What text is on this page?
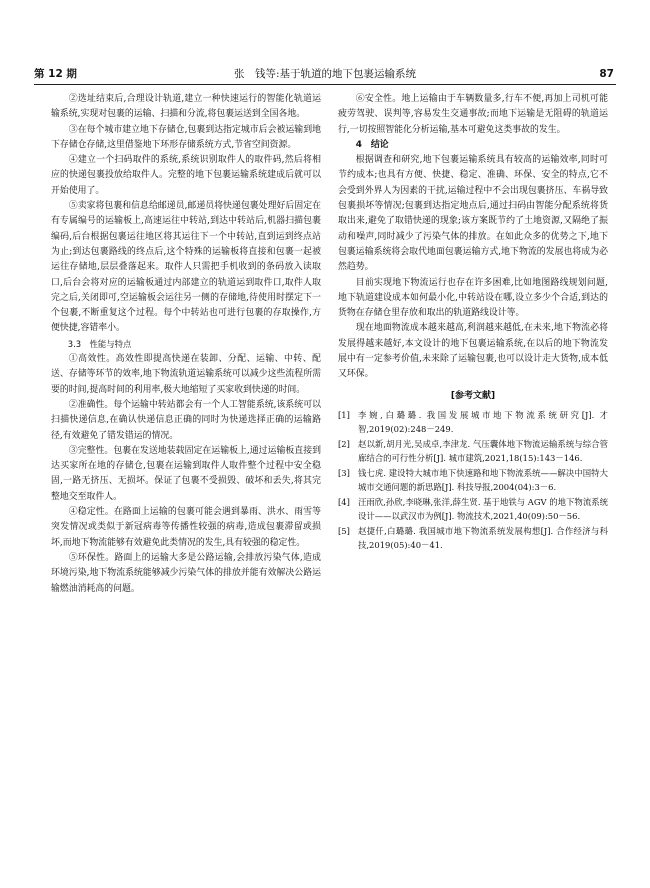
第 12 期	张　钱等:基于轨道的地下包裹运输系统	87

②选址结束后,合理设计轨道,建立一种快速运行的智能化轨道运输系统,实现对包裹的运输、扫描和分流,将包裹运送到全国各地。

③在每个城市建立地下存储仓,包裹到达指定城市后会被运输到地下存储仓存储,这里借鉴地下环形存储系统方式,节省空间资源。

④建立一个扫码取件的系统,系统识别取件人的取件码,然后将相应的快递包裹投放给取件人。完整的地下包裹运输系统建成后就可以开始使用了。

⑤卖家将包裹和信息给邮递员,邮递员将快递包裹处理好后固定在有专属编号的运输板上,高速运往中转站,到达中转站后,机器扫描包裹编码,后台根据包裹运往地区将其运往下一个中转站,直到运到终点站为止;到达包裹路线的终点后,这个特殊的运输板将直接和包裹一起被运往存储地,层层叠落起来。取件人只需把手机收到的条码放入读取口,后台会将对应的运输板通过内部建立的轨道运到取件口,取件人取完之后,关闭即可,空运输板会运往另一侧的存储地,待使用时摆定下一个包裹,不断重复这个过程。每个中转站也可进行包裹的存取操作,方便快捷,容错率小。

3.3　性能与特点

①高效性。高效性即提高快递在装卸、分配、运输、中转、配送、存储等环节的效率,地下物流轨道运输系统可以减少这些流程所需要的时间,提高时间的利用率,极大地缩短了买家收到快递的时间。

②准确性。每个运输中转站都会有一个人工智能系统,该系统可以扫描快递信息,在确认快递信息正确的同时为快递选择正确的运输路径,有效避免了错发错运的情况。

③完整性。包裹在发送地装载固定在运输板上,通过运输板直接到达买家所在地的存储仓,包裹在运输到取件人取件整个过程中安全稳固,一路无挤压、无损坏。保证了包裹不受损毁、破坏和丢失,将其完整地交至取件人。

④稳定性。在路面上运输的包裹可能会遇到暴雨、洪水、雨雪等突发情况或类似于新冠病毒等传播性较强的病毒,造成包裹滞留或损坏,而地下物流能够有效避免此类情况的发生,具有较强的稳定性。

⑤环保性。路面上的运输大多是公路运输,会排放污染气体,造成环境污染,地下物流系统能够减少污染气体的排放并能有效解决公路运输燃油消耗高的问题。

⑥安全性。地上运输由于车辆数量多,行车不便,再加上司机可能疲劳驾驶、误判等,容易发生交通事故;而地下运输是无阻碍的轨道运行,一切按照智能化分析运输,基本可避免这类事故的发生。

4　结论

根据调查和研究,地下包裹运输系统具有较高的运输效率,同时可节约成本;也具有方便、快捷、稳定、准确、环保、安全的特点,它不会受到外界人为因素的干扰,运输过程中不会出现包裹挤压、车祸导致包裹损坏等情况;包裹到达指定地点后,通过扫码由智能分配系统将货取出来,避免了取错快递的现象;该方案既节约了土地资源,又隔绝了振动和噪声,同时减少了污染气体的排放。在如此众多的优势之下,地下包裹运输系统将会取代地面包裹运输方式,地下物流的发展也将成为必然趋势。

目前实现地下物流运行也存在许多困难,比如地图路线规划问题,地下轨道建设成本如何最小化,中转站设在哪,设立多少个合适,到达的货物在存储仓里存放和取出的轨道路线设计等。

现在地面物流成本越来越高,利润越来越低,在未来,地下物流必将发展得越来越好,本文设计的地下包裹运输系统,在以后的地下物流发展中有一定参考价值,未来除了运输包裹,也可以设计走大货物,成本低又环保。

[参考文献]
[1] 李婉,白璐璐. 我国发展城市地下物流系统研究[J]. 才智,2019(02):248－249.
[2] 赵以新,胡月光,吴成卓,李津龙. 气压囊体地下物流运输系统与综合管廊结合的可行性分析[J]. 城市建筑,2021,18(15):143－146.
[3] 钱七虎. 建设特大城市地下快速路和地下物流系统——解决中国特大城市交通问题的新思路[J]. 科技导报,2004(04):3－6.
[4] 汪雨欣,孙欣,李晓琳,张洋,薛生贤. 基于地铁与 AGV 的地下物流系统设计——以武汉市为例[J]. 物流技术,2021,40(09):50－56.
[5] 赵捷仟,白璐璐. 我国城市地下物流系统发展构想[J]. 合作经济与科技,2019(05):40－41.
